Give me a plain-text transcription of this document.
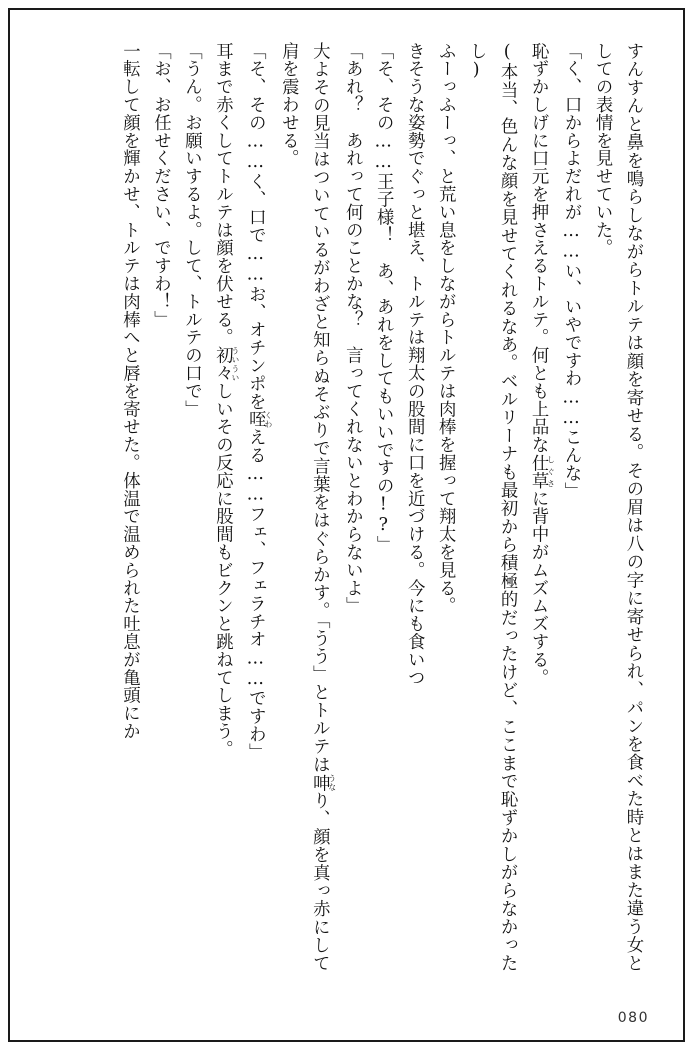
すんすんと鼻を鳴らしながらトルテは顔を寄せる。その眉は八の字に寄せられ、パンを食べた時とはまた違う女としての表情を見せていた。

「く、口からよだれが……い、いやですわ……こんな」

恥ずかしげに口元を押さえるトルテ。何とも上品な仕草しぐさに背中がムズムズする。

(本当、色んな顔を見せてくれるなあ。ベルリーナも最初から積極的だったけど、ここまで恥ずかしがらなかったし)

ふーっふーっ、と荒い息をしながらトルテは肉棒を握って翔太を見る。

きそうな姿勢でぐっと堪え、トルテは翔太の股間に口を近づける。今にも食いつ

「そ、その……王子様！　あ、あれをしてもいいですの!?」

「あれ？　あれって何のことかな？　言ってくれないとわからないよ」

大よその見当はついているがわざと知らぬそぶりで言葉をはぐらかす。「うう」とトルテは呻うなり、顔を真っ赤にして肩を震わせる。

「そ、その……く、口で……お、オチンポを咥くわえる……フェ、フェラチオ……ですわ」

耳まで赤くしてトルテは顔を伏せる。初々ういういしいその反応に股間もビクンと跳ねてしまう。

「うん。お願いするよ。して、トルテの口で」

「お、お任せください、ですわ！」

一転して顔を輝かせ、トルテは肉棒へと唇を寄せた。体温で温められた吐息が亀頭にか

080
